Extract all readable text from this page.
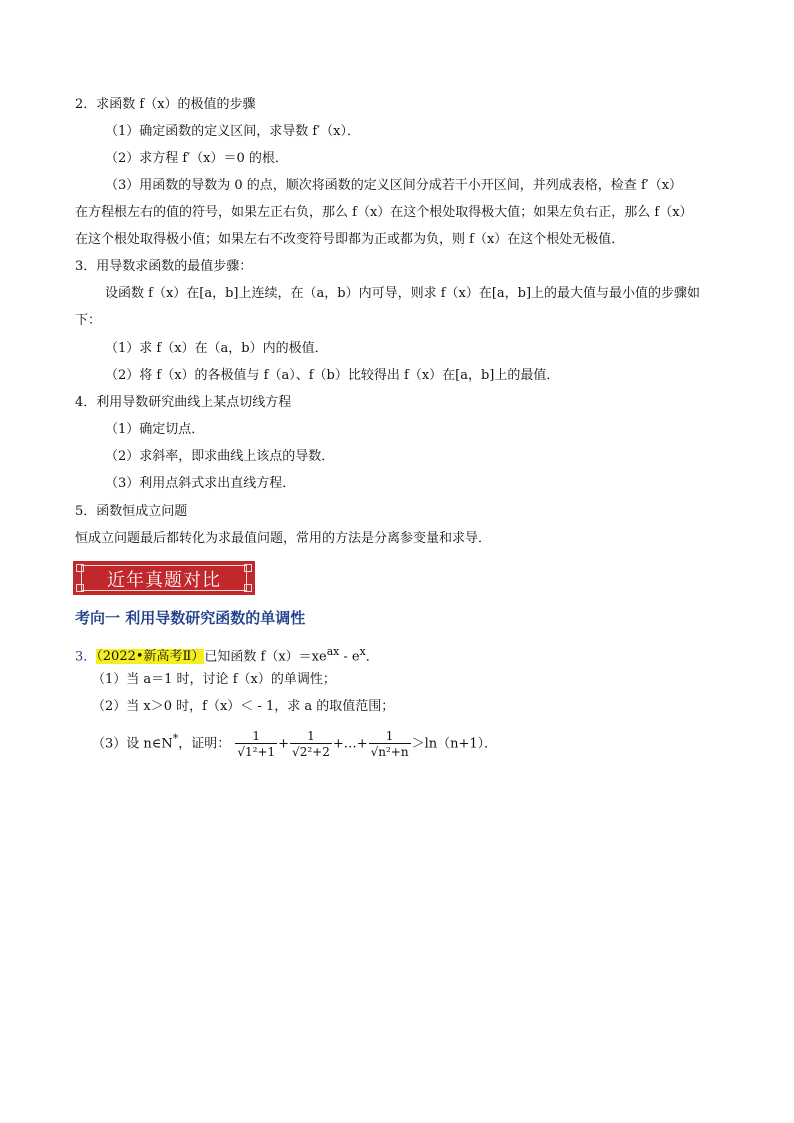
2．求函数 f（x）的极值的步骤
（1）确定函数的定义区间，求导数 f′（x）．
（2）求方程 f′（x）＝0 的根．
（3）用函数的导数为 0 的点，顺次将函数的定义区间分成若干小开区间，并列成表格，检查 f′（x）
在方程根左右的值的符号，如果左正右负，那么 f（x）在这个根处取得极大值；如果左负右正，那么 f（x）
在这个根处取得极小值；如果左右不改变符号即都为正或都为负，则 f（x）在这个根处无极值．
3．用导数求函数的最值步骤：
设函数 f（x）在[a，b]上连续，在（a，b）内可导，则求 f（x）在[a，b]上的最大值与最小值的步骤如
下：
（1）求 f（x）在（a，b）内的极值．
（2）将 f（x）的各极值与 f（a）、f（b）比较得出 f（x）在[a，b]上的最值．
4．利用导数研究曲线上某点切线方程
（1）确定切点．
（2）求斜率，即求曲线上该点的导数．
（3）利用点斜式求出直线方程．
5．函数恒成立问题
恒成立问题最后都转化为求最值问题，常用的方法是分离参变量和求导．
近年真题对比
考向一 利用导数研究函数的单调性
3．（2022•新高考Ⅱ）已知函数 $f(x)=xe^{ax} - e^x$．
（1）当 a＝1 时，讨论 f（x）的单调性；
（2）当 x＞0 时，f（x）＜ - 1，求 a 的取值范围；
（3）设 n∈N*，证明： $\frac{1}{\text{√1²+1}} + \frac{1}{\text{√2²+2}}$ +…+ $\frac{1}{\text{√n²+n}} >\ln(n+1)$．
